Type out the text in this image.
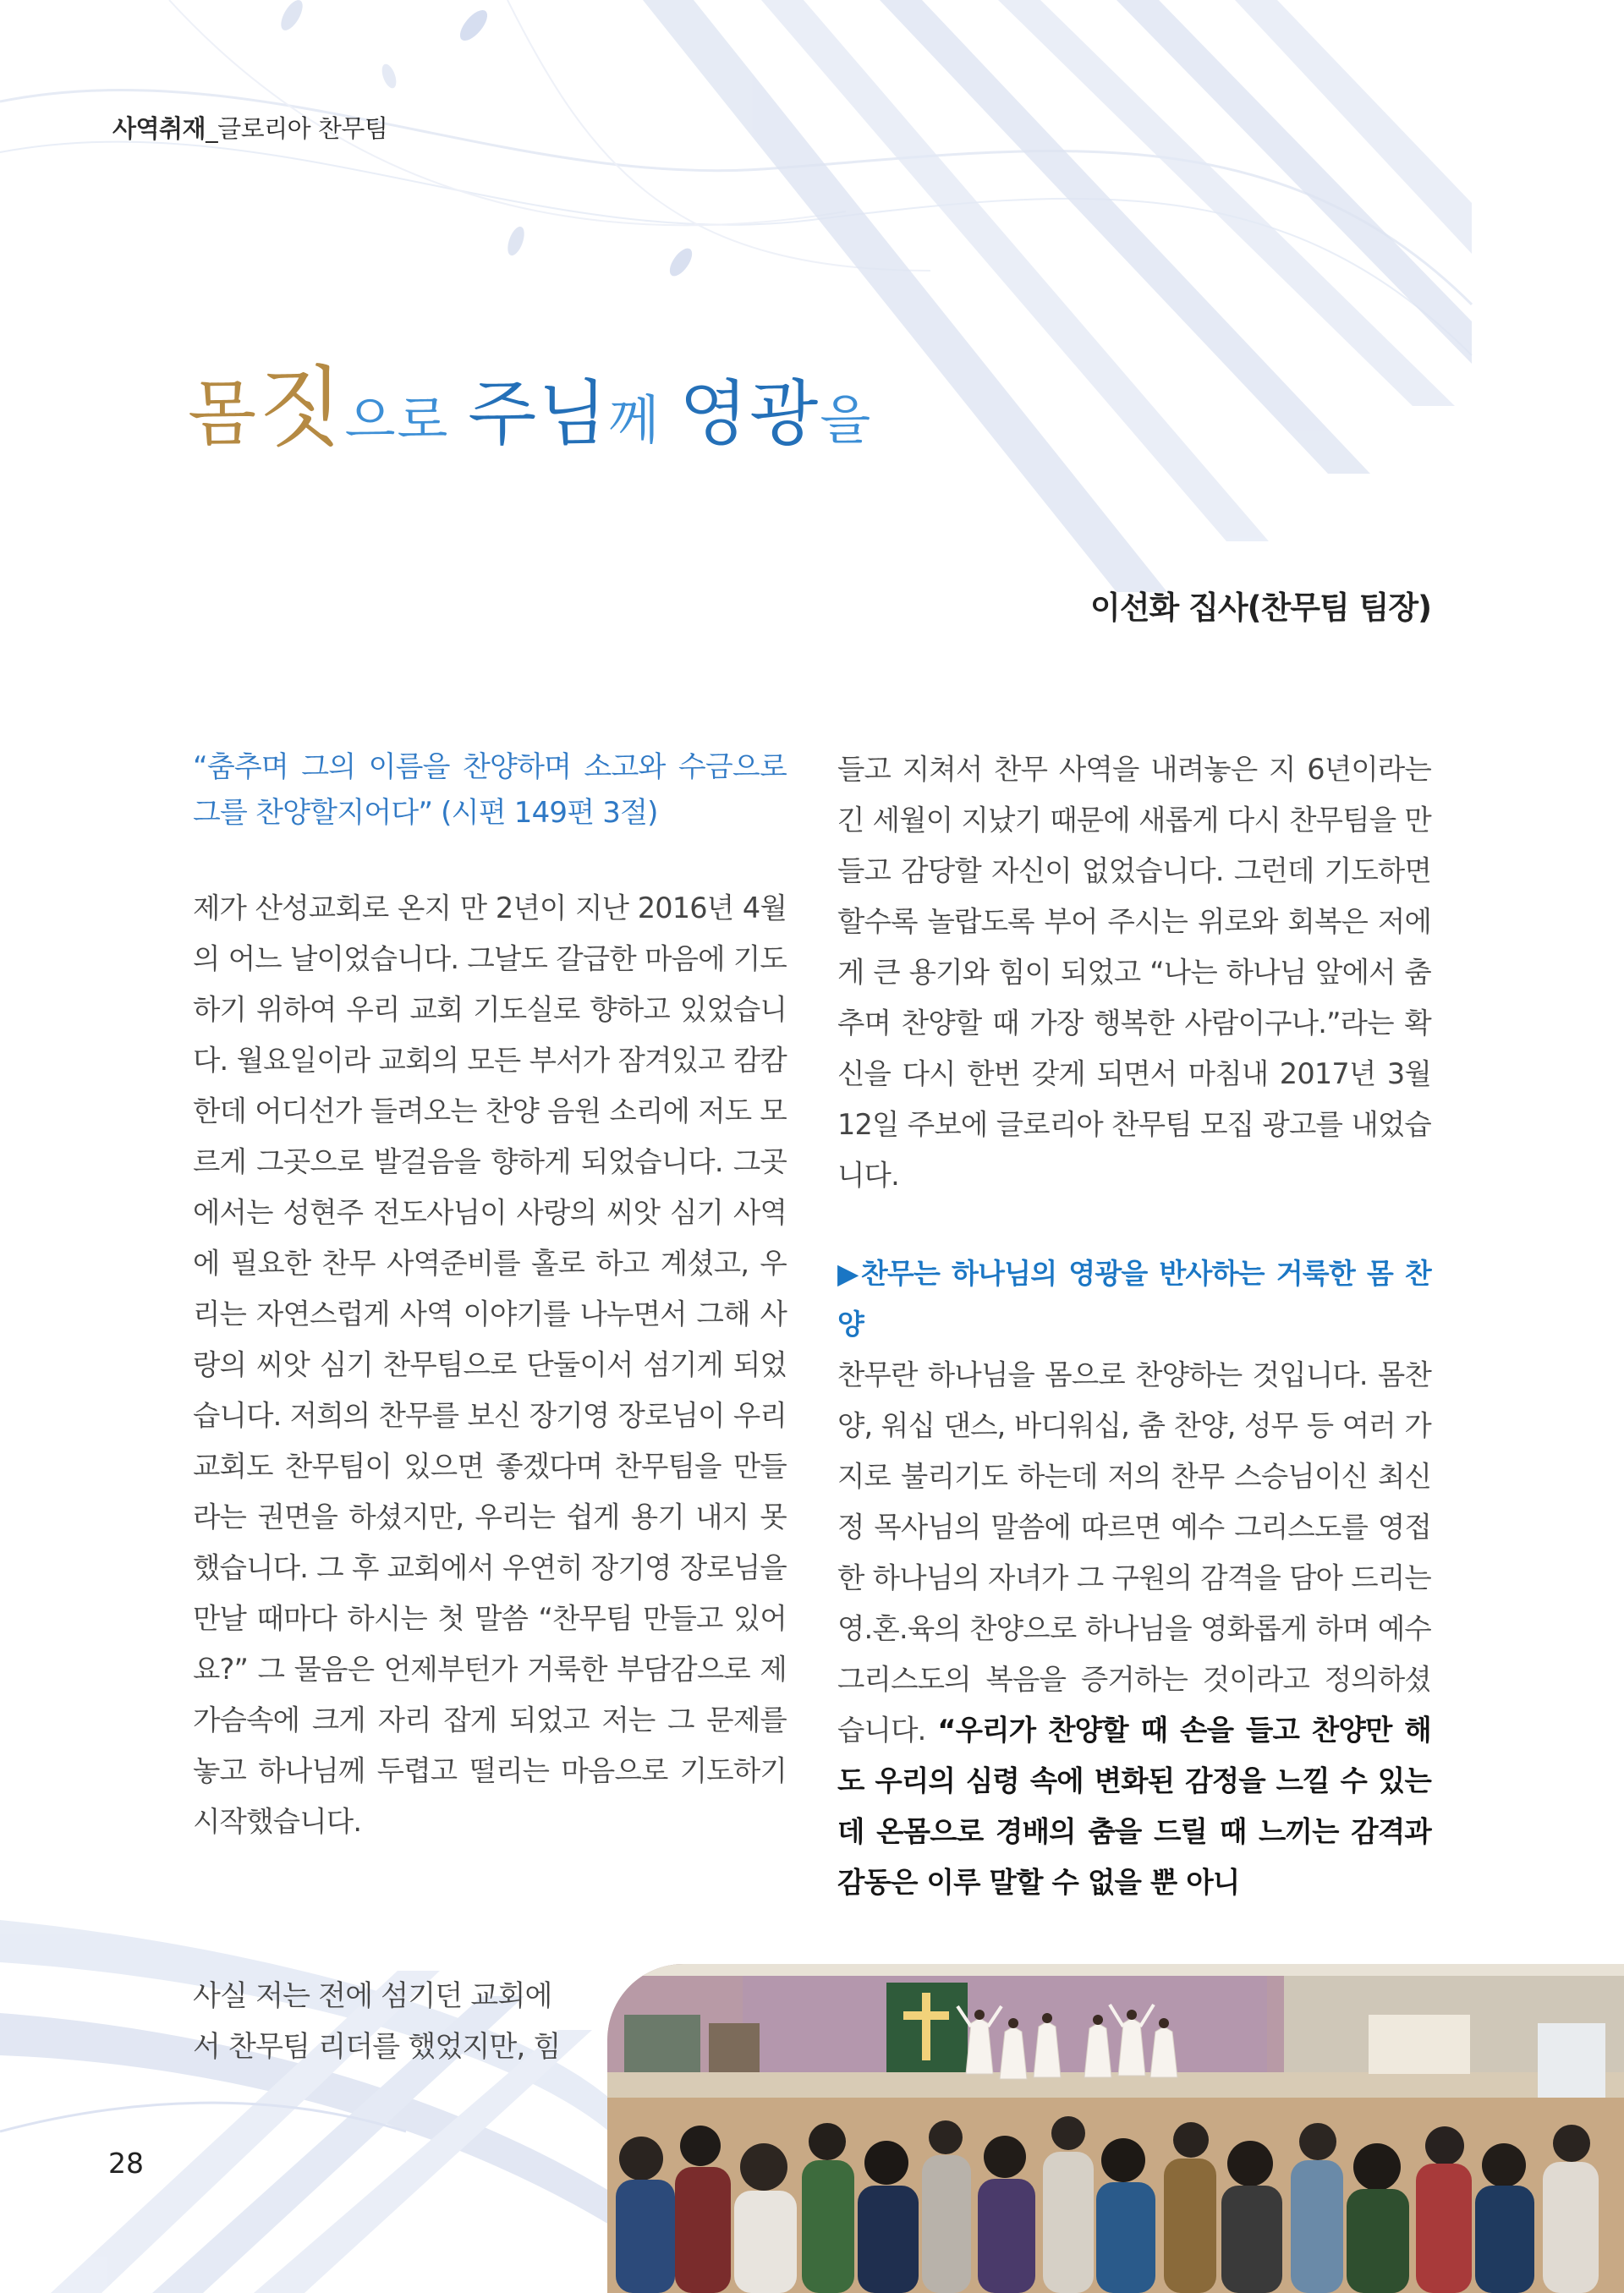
사역취재_글로리아 찬무팀
몸짓으로 주님께 영광을
이선화 집사(찬무팀 팀장)

“춤추며 그의 이름을 찬양하며 소고와 수금으로 그를 찬양할지어다” (시편 149편 3절)

제가 산성교회로 온지 만 2년이 지난 2016년 4월의 어느 날이었습니다. 그날도 갈급한 마음에 기도하기 위하여 우리 교회 기도실로 향하고 있었습니다. 월요일이라 교회의 모든 부서가 잠겨있고 캄캄한데 어디선가 들려오는 찬양 음원 소리에 저도 모르게 그곳으로 발걸음을 향하게 되었습니다. 그곳에서는 성현주 전도사님이 사랑의 씨앗 심기 사역에 필요한 찬무 사역준비를 홀로 하고 계셨고, 우리는 자연스럽게 사역 이야기를 나누면서 그해 사랑의 씨앗 심기 찬무팀으로 단둘이서 섬기게 되었습니다. 저희의 찬무를 보신 장기영 장로님이 우리 교회도 찬무팀이 있으면 좋겠다며 찬무팀을 만들라는 권면을 하셨지만, 우리는 쉽게 용기 내지 못했습니다. 그 후 교회에서 우연히 장기영 장로님을 만날 때마다 하시는 첫 말씀 “찬무팀 만들고 있어요?” 그 물음은 언제부턴가 거룩한 부담감으로 제 가슴속에 크게 자리 잡게 되었고 저는 그 문제를 놓고 하나님께 두렵고 떨리는 마음으로 기도하기 시작했습니다.

들고 지쳐서 찬무 사역을 내려놓은 지 6년이라는 긴 세월이 지났기 때문에 새롭게 다시 찬무팀을 만들고 감당할 자신이 없었습니다. 그런데 기도하면 할수록 놀랍도록 부어 주시는 위로와 회복은 저에게 큰 용기와 힘이 되었고 “나는 하나님 앞에서 춤추며 찬양할 때 가장 행복한 사람이구나.”라는 확신을 다시 한번 갖게 되면서 마침내 2017년 3월 12일 주보에 글로리아 찬무팀 모집 광고를 내었습니다.

▶찬무는 하나님의 영광을 반사하는 거룩한 몸 찬양

찬무란 하나님을 몸으로 찬양하는 것입니다. 몸찬양, 워십 댄스, 바디워십, 춤 찬양, 성무 등 여러 가지로 불리기도 하는데 저의 찬무 스승님이신 최신정 목사님의 말씀에 따르면 예수 그리스도를 영접한 하나님의 자녀가 그 구원의 감격을 담아 드리는 영.혼.육의 찬양으로 하나님을 영화롭게 하며 예수그리스도의 복음을 증거하는 것이라고 정의하셨습니다. “우리가 찬양할 때 손을 들고 찬양만 해도 우리의 심령 속에 변화된 감정을 느낄 수 있는데 온몸으로 경배의 춤을 드릴 때 느끼는 감격과 감동은 이루 말할 수 없을 뿐 아니

사실 저는 전에 섬기던 교회에

서 찬무팀 리더를 했었지만, 힘

28
